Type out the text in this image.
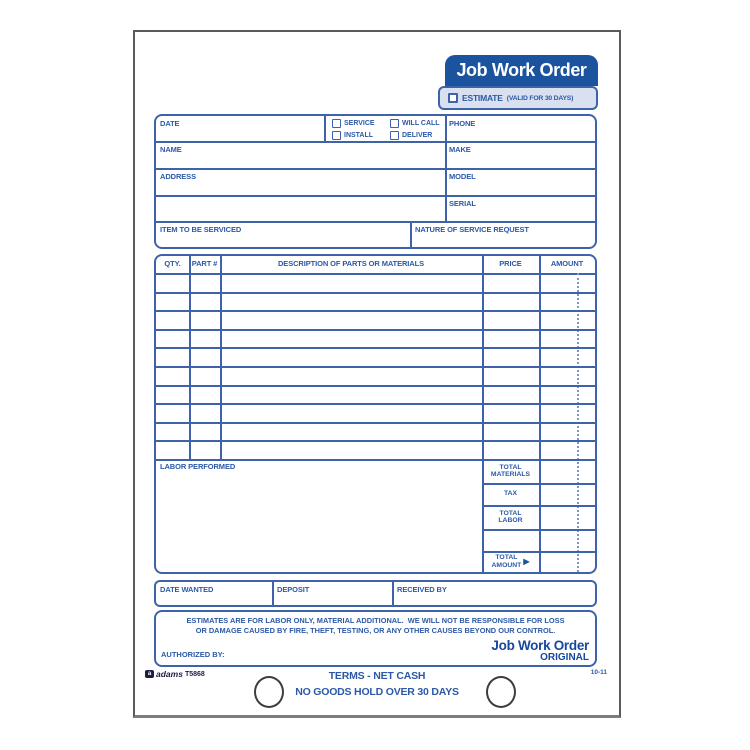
Job Work Order
ESTIMATE (VALID FOR 30 DAYS)
DATE	PHONE
NAME	MAKE
ADDRESS	MODEL
SERIAL
ITEM TO BE SERVICED	NATURE OF SERVICE REQUEST
SERVICE
INSTALL
WILL CALL
DELIVER
QTY.	PART #	DESCRIPTION OF PARTS OR MATERIALS	PRICE	AMOUNT
LABOR PERFORMED	TOTAL
MATERIALS
TAX
TOTAL
LABOR
TOTAL
AMOUNT ▶
DATE WANTED	DEPOSIT	RECEIVED BY
ESTIMATES ARE FOR LABOR ONLY, MATERIAL ADDITIONAL.  WE WILL NOT BE RESPONSIBLE FOR LOSS
OR DAMAGE CAUSED BY FIRE, THEFT, TESTING, OR ANY OTHER CAUSES BEYOND OUR CONTROL.
AUTHORIZED BY:
Job Work Order
ORIGINAL
a adams T5868	10-11
TERMS - NET CASH
NO GOODS HOLD OVER 30 DAYS
